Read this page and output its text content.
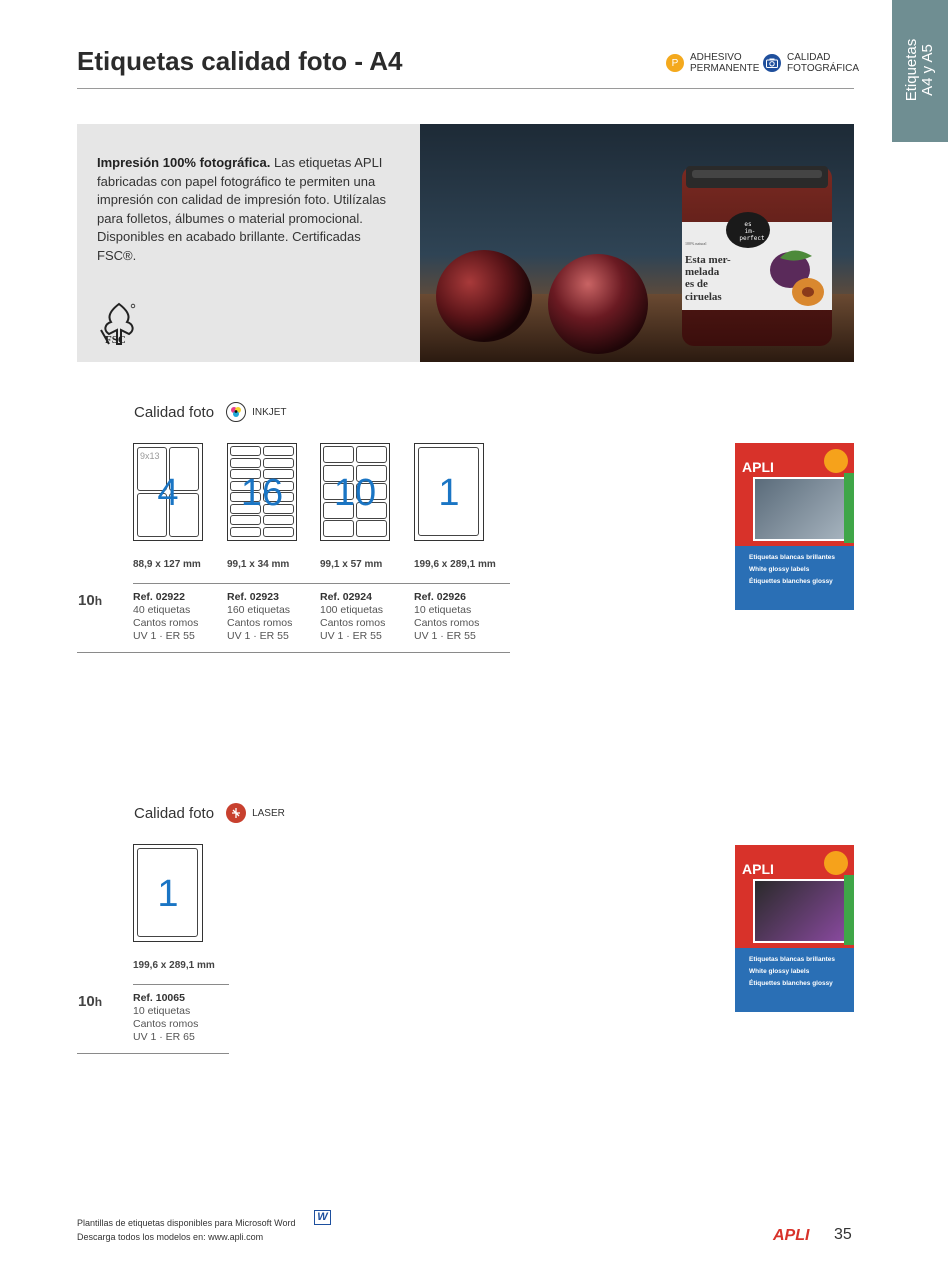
Etiquetas A4 y A5
Etiquetas calidad foto - A4	P	ADHESIVO
PERMANENTE
CALIDAD
FOTOGRÁFICA
Impresión 100% fotográfica. Las etiquetas APLI fabricadas con papel fotográfico te permiten una impresión con calidad de impresión foto. Utilízalas para folletos, álbumes o material promocional. Disponibles en acabado brillante. Certificadas FSC®.
FSC
es
im-
perfect
100% natural
Esta mer-
melada
es de
ciruelas
Calidad foto	INKJET
9x13
4	16	10	1
88,9 x 127 mm	99,1 x 34 mm	99,1 x 57 mm	199,6 x 289,1 mm
10h	Ref. 02922
40 etiquetas
Cantos romos
UV 1 · ER 55
Ref. 02923
160 etiquetas
Cantos romos
UV 1 · ER 55
Ref. 02924
100 etiquetas
Cantos romos
UV 1 · ER 55
Ref. 02926
10 etiquetas
Cantos romos
UV 1 · ER 55
APLI
Etiquetas blancas brillantes
White glossy labels
Étiquettes blanches glossy
Calidad foto	LASER
1
199,6 x 289,1 mm
10h	Ref. 10065
10 etiquetas
Cantos romos
UV 1 · ER 65
APLI
Etiquetas blancas brillantes
White glossy labels
Étiquettes blanches glossy
Plantillas de etiquetas disponibles para Microsoft Word
Descarga todos los modelos en: www.apli.com
W
APLI 35
